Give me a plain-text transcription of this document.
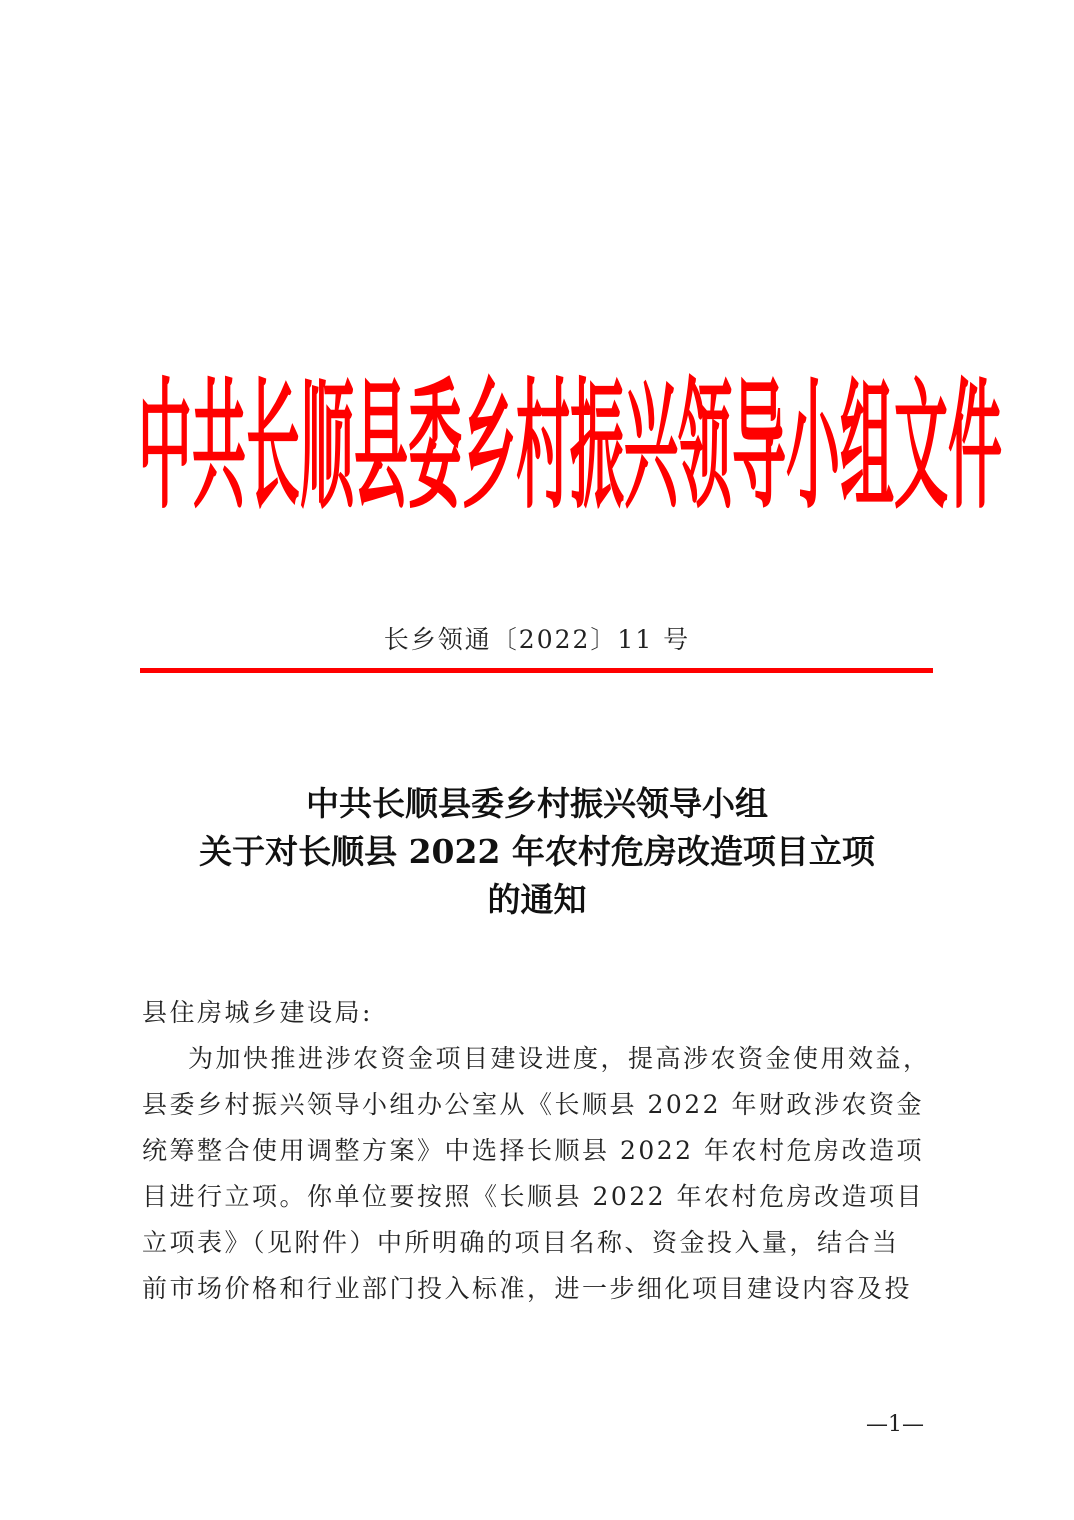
中 共 长 顺 县 委 乡 村 振 兴 领 导 小 组 文 件
长乡领通〔2022〕11 号
中共长顺县委乡村振兴领导小组
关于对长顺县 2022 年农村危房改造项目立项
的通知

县住房城乡建设局:

为加快推进涉农资金项目建设进度，提高涉农资金使用效益，

县委乡村振兴领导小组办公室从《长顺县 2022 年财政涉农资金

统筹整合使用调整方案》中选择长顺县 2022 年农村危房改造项

目进行立项。你单位要按照《长顺县 2022 年农村危房改造项目

立项表》（见附件）中所明确的项目名称、资金投入量，结合当

前市场价格和行业部门投入标准，进一步细化项目建设内容及投

—1—
